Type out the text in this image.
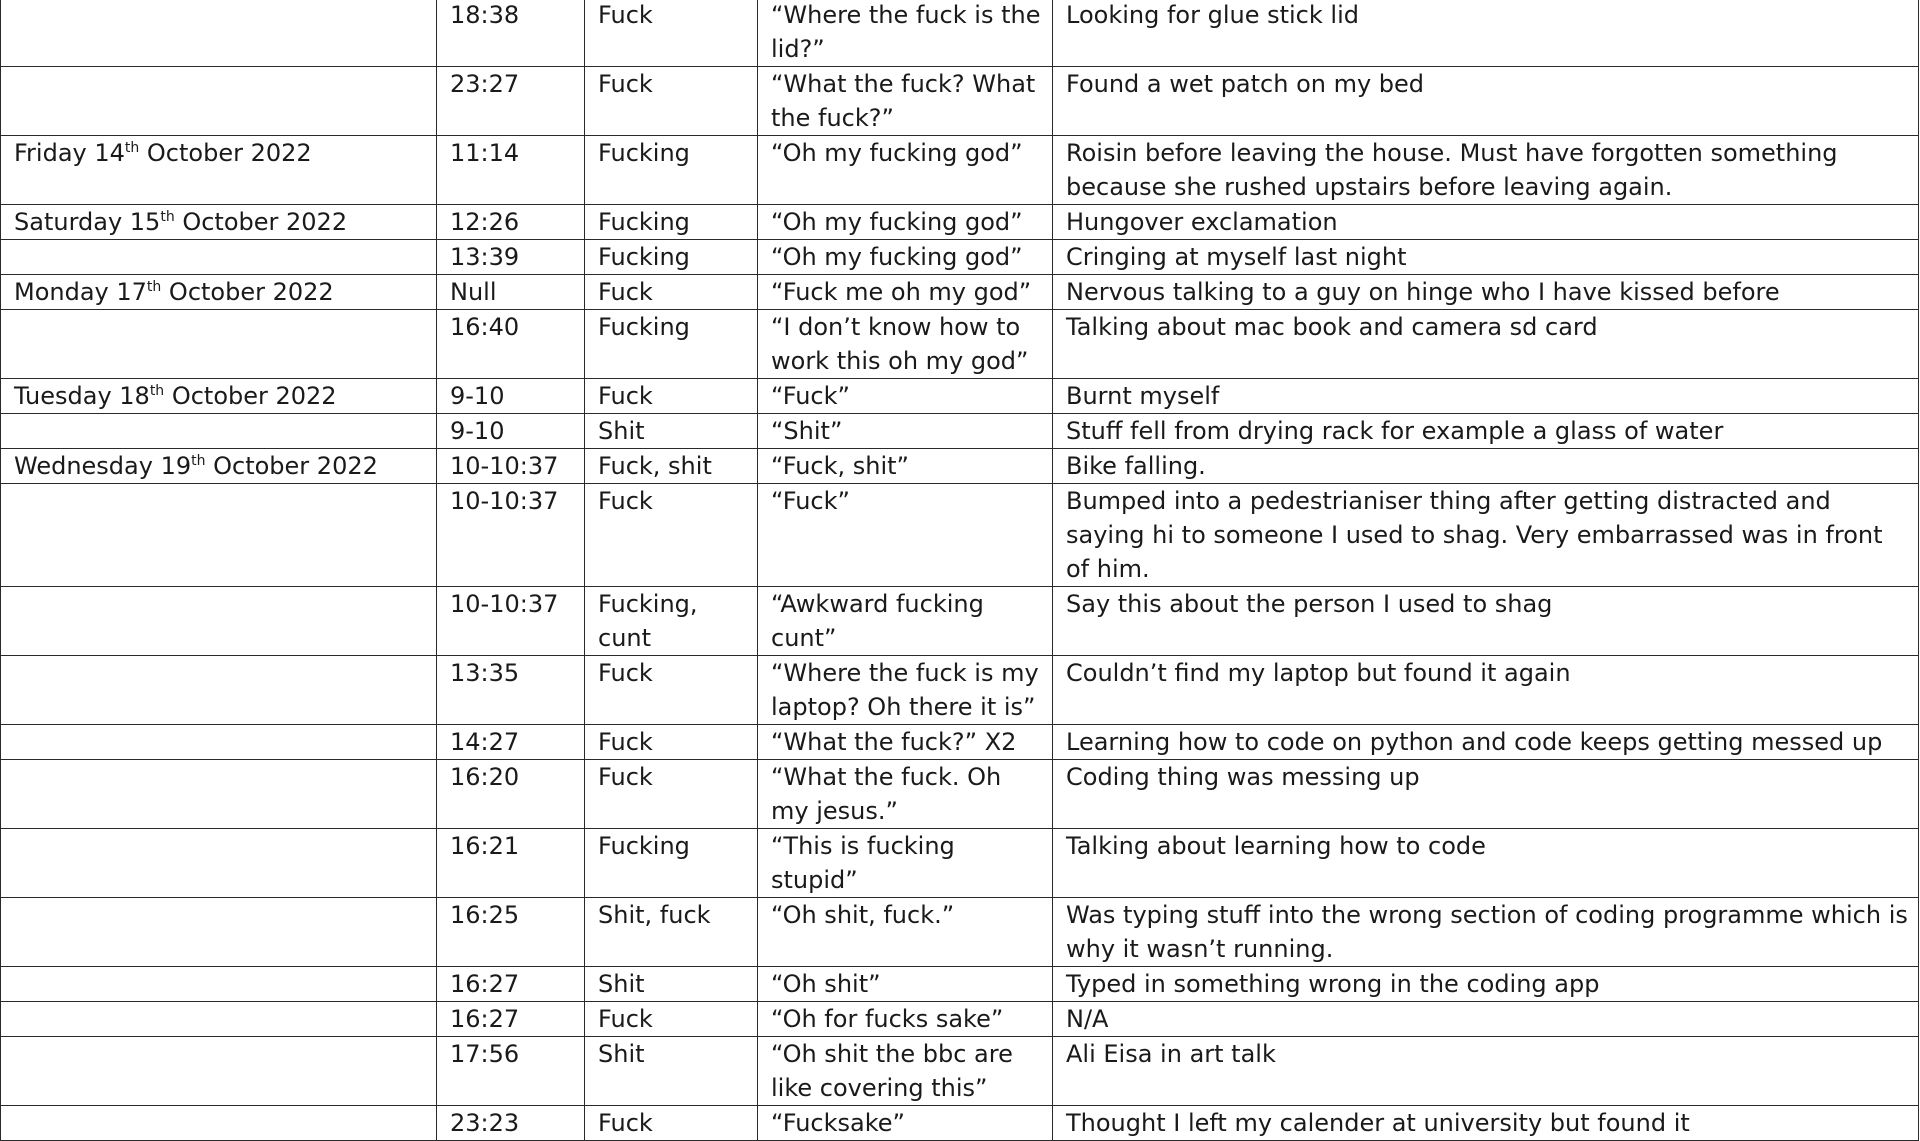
	18:38	Fuck	“Where the fuck is the lid?”	Looking for glue stick lid
	23:27	Fuck	“What the fuck? What the fuck?”	Found a wet patch on my bed
Friday 14th October 2022	11:14	Fucking	“Oh my fucking god”	Roisin before leaving the house. Must have forgotten something because she rushed upstairs before leaving again.
Saturday 15th October 2022	12:26	Fucking	“Oh my fucking god”	Hungover exclamation
	13:39	Fucking	“Oh my fucking god”	Cringing at myself last night
Monday 17th October 2022	Null	Fuck	“Fuck me oh my god”	Nervous talking to a guy on hinge who I have kissed before
	16:40	Fucking	“I don’t know how to work this oh my god”	Talking about mac book and camera sd card
Tuesday 18th October 2022	9-10	Fuck	“Fuck”	Burnt myself
	9-10	Shit	“Shit”	Stuff fell from drying rack for example a glass of water
Wednesday 19th October 2022	10-10:37	Fuck, shit	“Fuck, shit”	Bike falling.
	10-10:37	Fuck	“Fuck”	Bumped into a pedestrianiser thing after getting distracted and saying hi to someone I used to shag. Very embarrassed was in front of him.
	10-10:37	Fucking, cunt	“Awkward fucking cunt”	Say this about the person I used to shag
	13:35	Fuck	“Where the fuck is my laptop? Oh there it is”	Couldn’t find my laptop but found it again
	14:27	Fuck	“What the fuck?” X2	Learning how to code on python and code keeps getting messed up
	16:20	Fuck	“What the fuck. Oh my jesus.”	Coding thing was messing up
	16:21	Fucking	“This is fucking stupid”	Talking about learning how to code
	16:25	Shit, fuck	“Oh shit, fuck.”	Was typing stuff into the wrong section of coding programme which is why it wasn’t running.
	16:27	Shit	“Oh shit”	Typed in something wrong in the coding app
	16:27	Fuck	“Oh for fucks sake”	N/A
	17:56	Shit	“Oh shit the bbc are like covering this”	Ali Eisa in art talk
	23:23	Fuck	“Fucksake”	Thought I left my calender at university but found it
